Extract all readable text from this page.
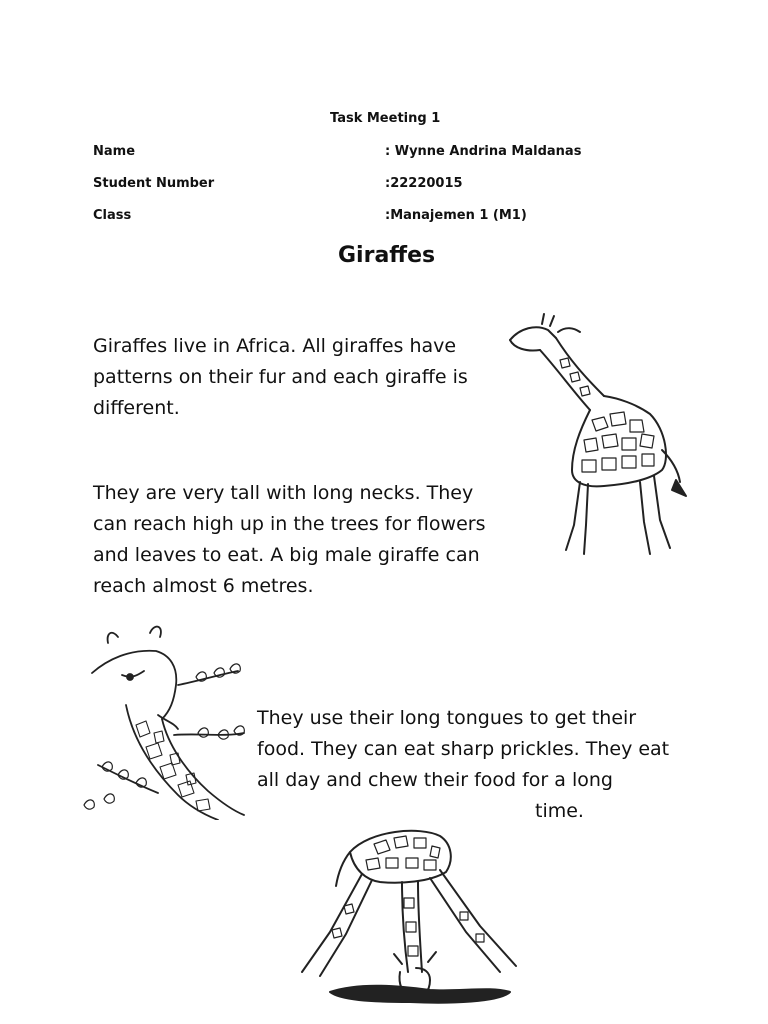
Task Meeting 1
Name	: Wynne Andrina Maldanas
Student Number	:22220015
Class	:Manajemen 1 (M1)
Giraffes

Giraffes live in Africa. All giraffes have

patterns on their fur and each giraffe is

different.

They are very tall with long necks. They

can reach high up in the trees for flowers

and leaves to eat. A big male giraffe can

reach almost 6 metres.

They use their long tongues to get their

food. They can eat sharp prickles. They eat

all day and chew their food for a long

time.
